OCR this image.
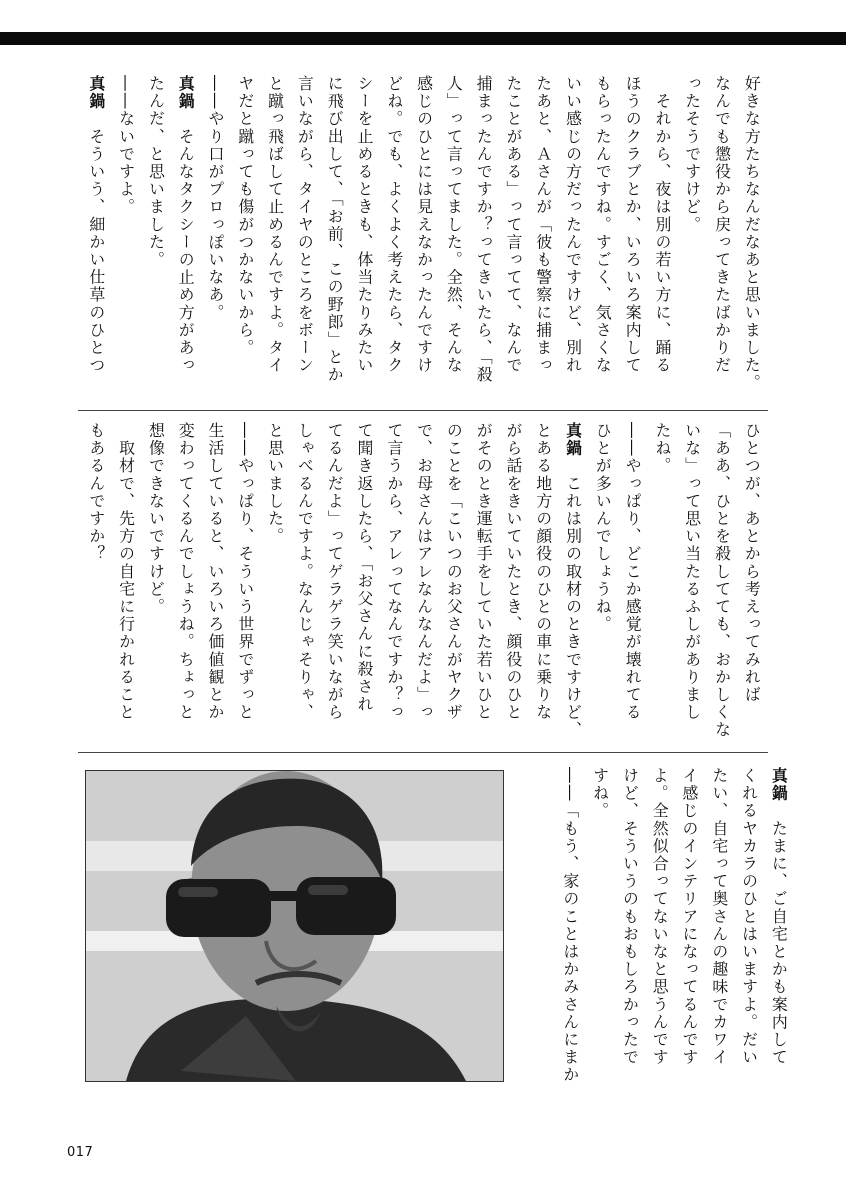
好きな方たちなんだなあと思いました。
なんでも懲役から戻ってきたばかりだ
ったそうですけど。
　それから、夜は別の若い方に、踊る
ほうのクラブとか、いろいろ案内して
もらったんですね。すごく、気さくな
いい感じの方だったんですけど、別れ
たあと、Ａさんが「彼も警察に捕まっ
たことがある」って言ってて、なんで
捕まったんですか？ってきいたら、「殺
人」って言ってました。全然、そんな
感じのひとには見えなかったんですけ
どね。でも、よくよく考えたら、タク
シーを止めるときも、体当たりみたい
に飛び出して、「お前、この野郎」とか
言いながら、タイヤのところをボーン
と蹴っ飛ばして止めるんですよ。タイ
ヤだと蹴っても傷がつかないから。
――やり口がプロっぽいなあ。
真鍋　そんなタクシーの止め方があっ
たんだ、と思いました。
――ないですよ。
真鍋　そういう、細かい仕草のひとつ
ひとつが、あとから考えってみれば
「ああ、ひとを殺してても、おかしくな
いな」って思い当たるふしがありまし
たね。
――やっぱり、どこか感覚が壊れてる
ひとが多いんでしょうね。
真鍋　これは別の取材のときですけど、
とある地方の顔役のひとの車に乗りな
がら話をきいていたとき、顔役のひと
がそのとき運転手をしていた若いひと
のことを「こいつのお父さんがヤクザ
で、お母さんはアレなんなんだよ」っ
て言うから、アレってなんですか？っ
て聞き返したら、「お父さんに殺され
てるんだよ」ってゲラゲラ笑いながら
しゃべるんですよ。なんじゃそりゃ、
と思いました。
――やっぱり、そういう世界でずっと
生活していると、いろいろ価値観とか
変わってくるんでしょうね。ちょっと
想像できないですけど。
　取材で、先方の自宅に行かれること
もあるんですか？
真鍋　たまに、ご自宅とかも案内して
くれるヤカラのひとはいますよ。だい
たい、自宅って奥さんの趣味でカワイ
イ感じのインテリアになってるんです
よ。全然似合ってないなと思うんです
けど、そういうのもおもしろかったで
すね。
――「もう、家のことはかみさんにまか
017
